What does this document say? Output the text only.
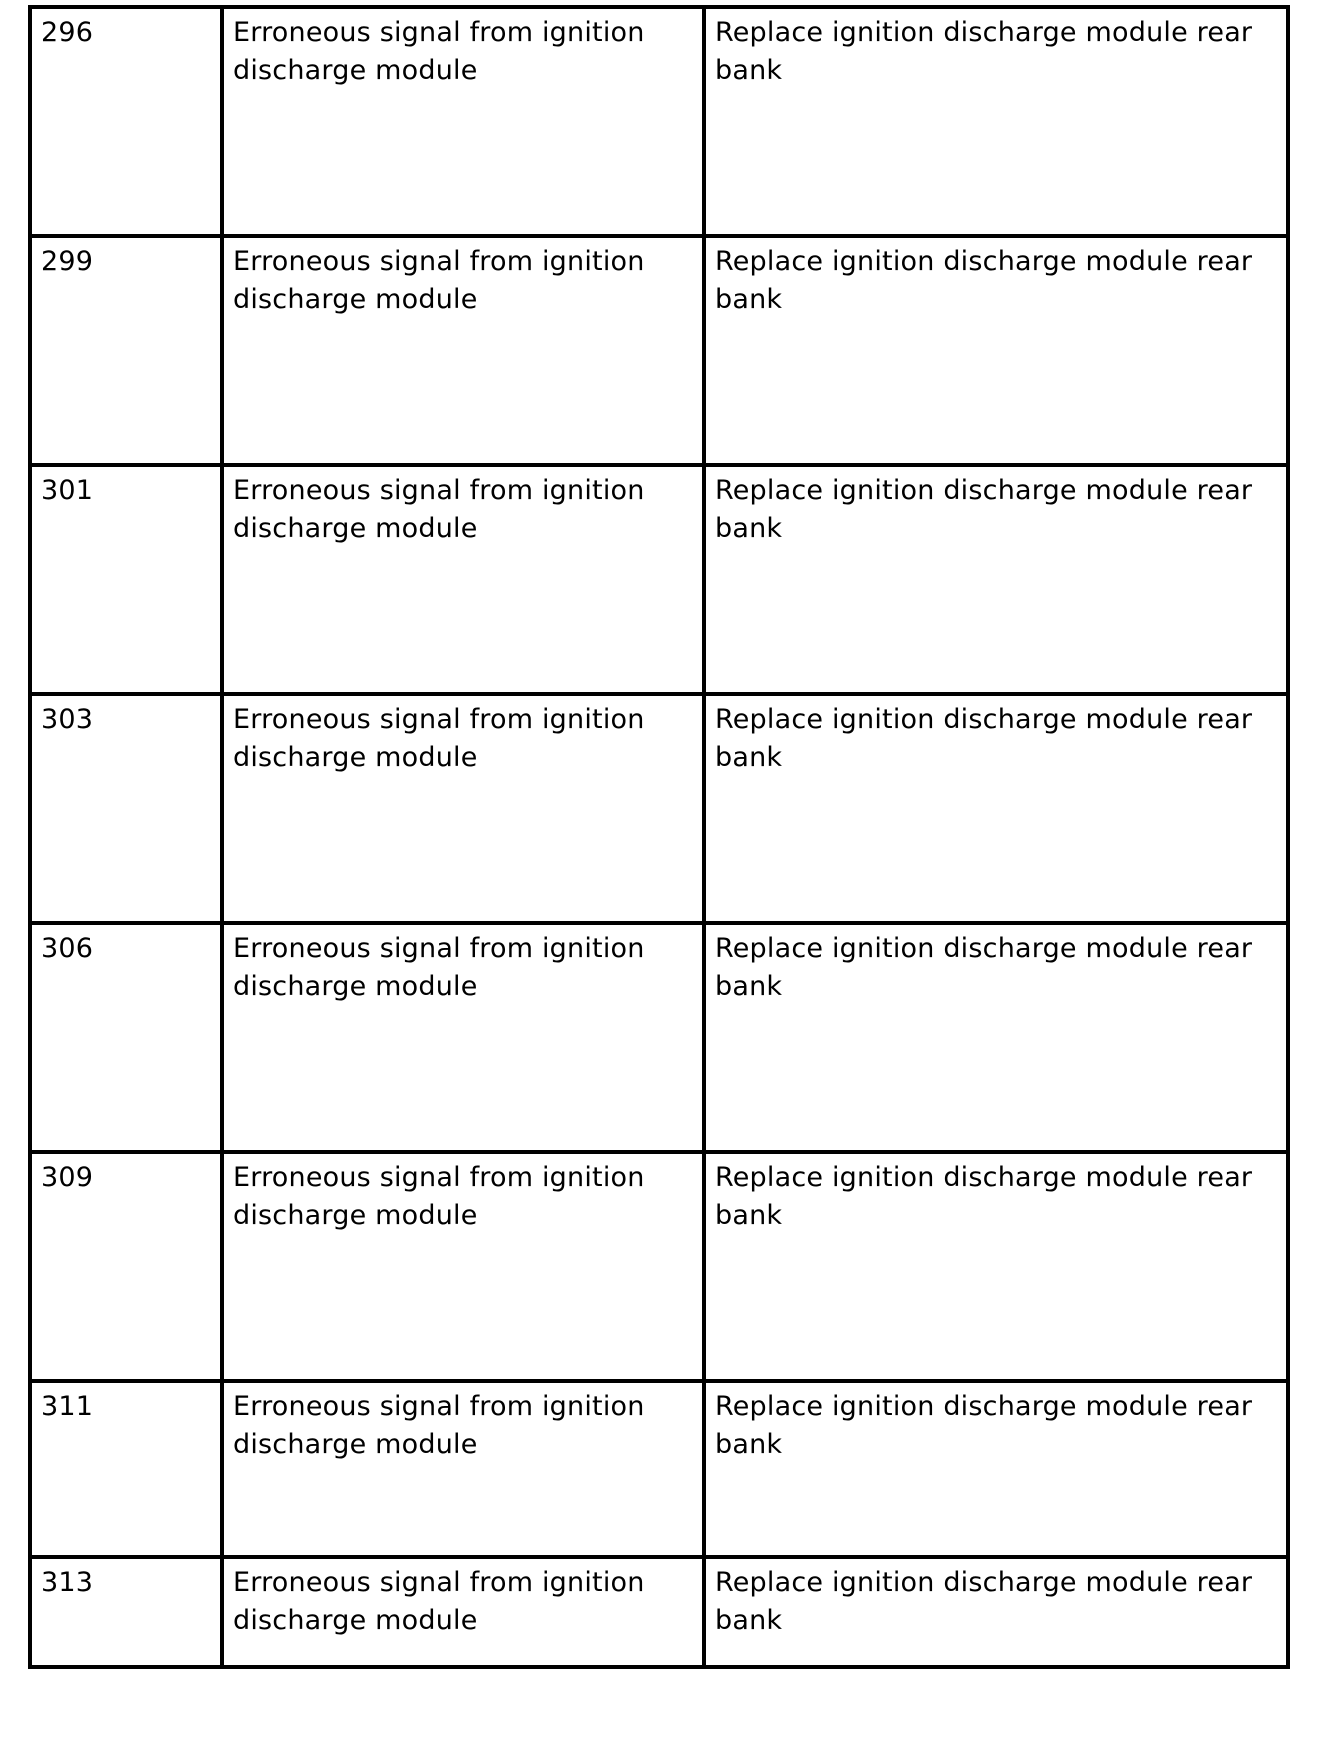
296	Erroneous signal from ignition discharge module	Replace ignition discharge module rear bank
299	Erroneous signal from ignition discharge module	Replace ignition discharge module rear bank
301	Erroneous signal from ignition discharge module	Replace ignition discharge module rear bank
303	Erroneous signal from ignition discharge module	Replace ignition discharge module rear bank
306	Erroneous signal from ignition discharge module	Replace ignition discharge module rear bank
309	Erroneous signal from ignition discharge module	Replace ignition discharge module rear bank
311	Erroneous signal from ignition discharge module	Replace ignition discharge module rear bank
313	Erroneous signal from ignition discharge module	Replace ignition discharge module rear bank
